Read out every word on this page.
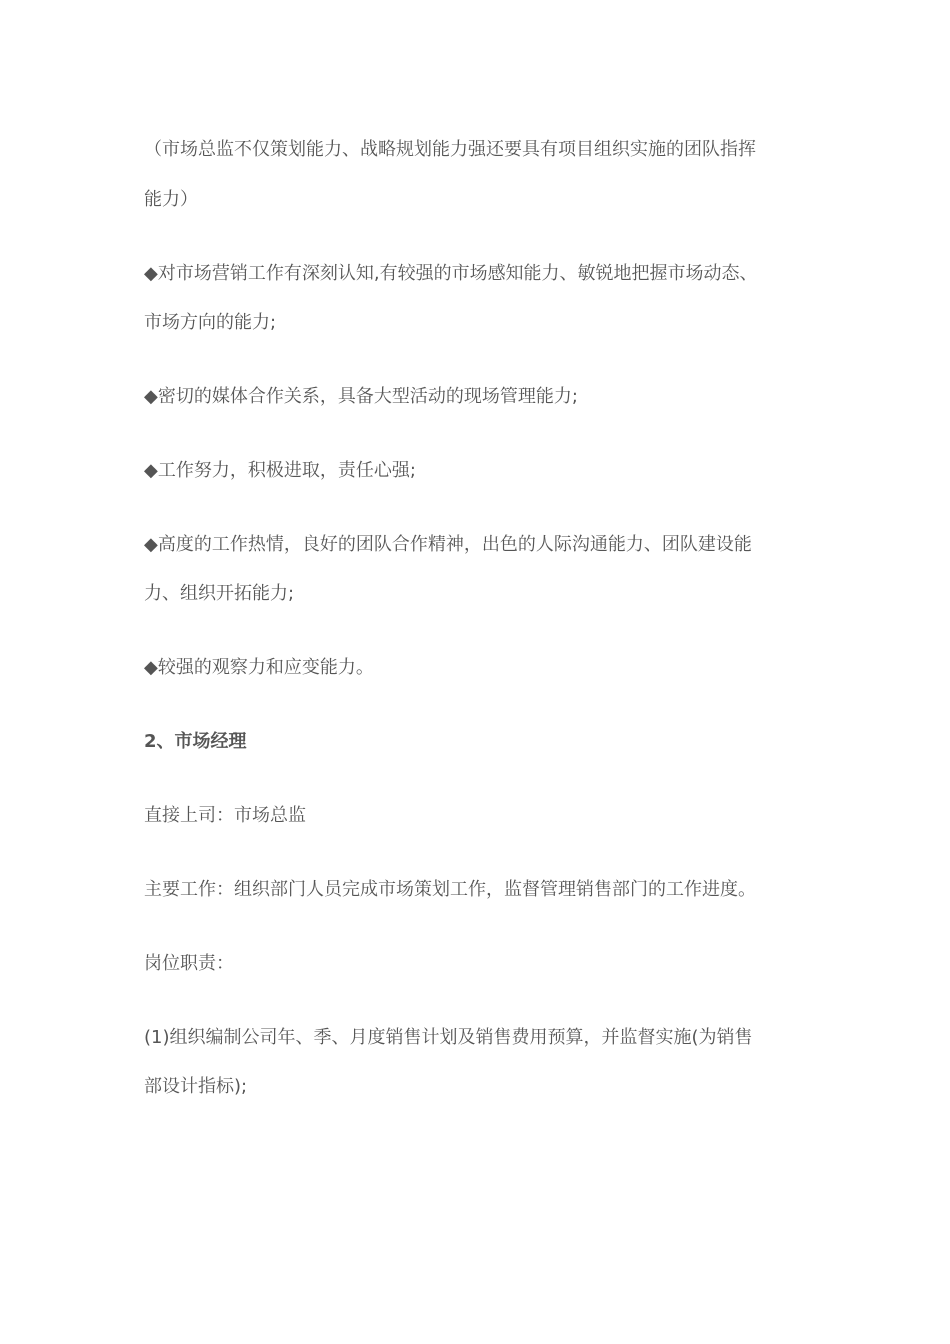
（市场总监不仅策划能力、战略规划能力强还要具有项目组织实施的团队指挥
能力）
◆对市场营销工作有深刻认知,有较强的市场感知能力、敏锐地把握市场动态、
市场方向的能力;
◆密切的媒体合作关系，具备大型活动的现场管理能力;
◆工作努力，积极进取，责任心强;
◆高度的工作热情，良好的团队合作精神，出色的人际沟通能力、团队建设能
力、组织开拓能力;
◆较强的观察力和应变能力。
2、市场经理
直接上司：市场总监
主要工作：组织部门人员完成市场策划工作，监督管理销售部门的工作进度。
岗位职责：
(1)组织编制公司年、季、月度销售计划及销售费用预算，并监督实施(为销售
部设计指标);
